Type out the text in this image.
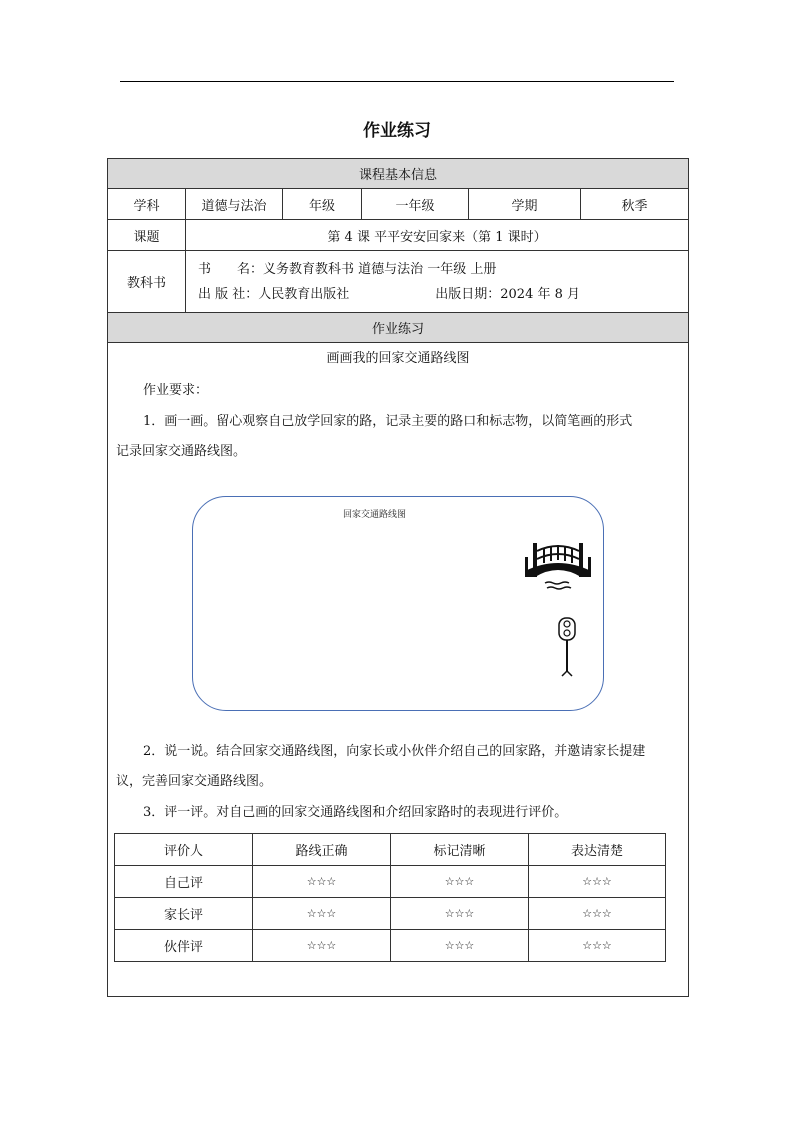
作业练习
课程基本信息
学科	道德与法治	年级	一年级	学期	秋季
课题	第 4 课 平平安安回家来（第 1 课时）
教科书	
书　　名：义务教育教科书 道德与法治 一年级 上册
出 版 社：人民教育出版社	出版日期：2024 年 8 月

作业练习

画画我的回家交通路线图
作业要求：
1．画一画。留心观察自己放学回家的路，记录主要的路口和标志物，以简笔画的形式
记录回家交通路线图。
回家交通路线图
2．说一说。结合回家交通路线图，向家长或小伙伴介绍自己的回家路，并邀请家长提建
议，完善回家交通路线图。
3．评一评。对自己画的回家交通路线图和介绍回家路时的表现进行评价。
评价人	路线正确	标记清晰	表达清楚
自己评	☆☆☆	☆☆☆	☆☆☆
家长评	☆☆☆	☆☆☆	☆☆☆
伙伴评	☆☆☆	☆☆☆	☆☆☆
